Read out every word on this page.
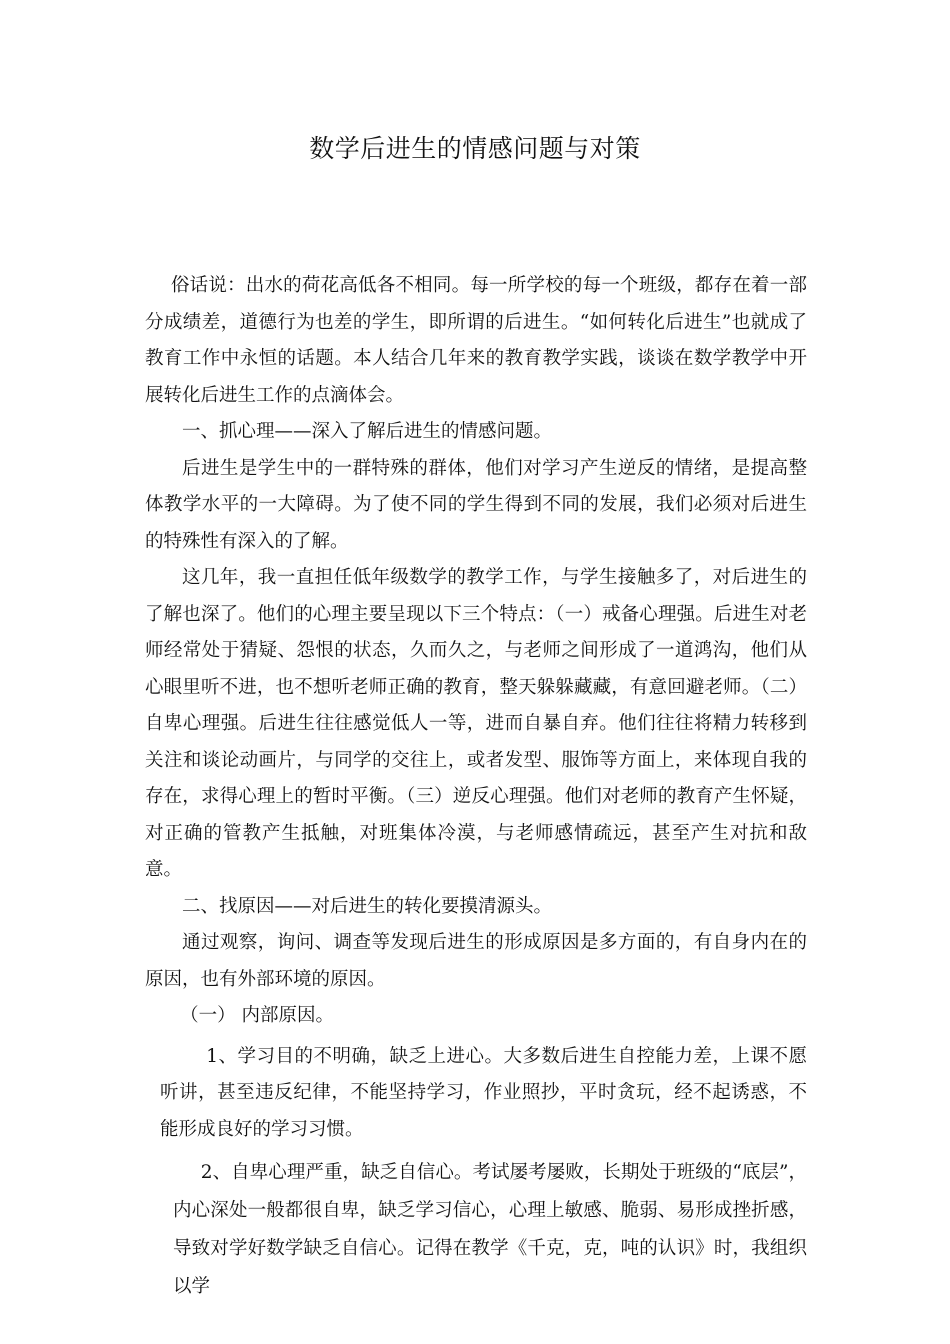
数学后进生的情感问题与对策

俗话说：出水的荷花高低各不相同。每一所学校的每一个班级，都存在着一部分成绩差，道德行为也差的学生，即所谓的后进生。“如何转化后进生”也就成了教育工作中永恒的话题。本人结合几年来的教育教学实践，谈谈在数学教学中开展转化后进生工作的点滴体会。

一、抓心理——深入了解后进生的情感问题。

后进生是学生中的一群特殊的群体，他们对学习产生逆反的情绪，是提高整体教学水平的一大障碍。为了使不同的学生得到不同的发展，我们必须对后进生的特殊性有深入的了解。

这几年，我一直担任低年级数学的教学工作，与学生接触多了，对后进生的了解也深了。他们的心理主要呈现以下三个特点：（一）戒备心理强。后进生对老师经常处于猜疑、怨恨的状态，久而久之，与老师之间形成了一道鸿沟，他们从心眼里听不进，也不想听老师正确的教育，整天躲躲藏藏，有意回避老师。（二）自卑心理强。后进生往往感觉低人一等，进而自暴自弃。他们往往将精力转移到关注和谈论动画片，与同学的交往上，或者发型、服饰等方面上，来体现自我的存在，求得心理上的暂时平衡。（三）逆反心理强。他们对老师的教育产生怀疑，对正确的管教产生抵触，对班集体冷漠，与老师感情疏远，甚至产生对抗和敌意。

二、找原因——对后进生的转化要摸清源头。

通过观察，询问、调查等发现后进生的形成原因是多方面的，有自身内在的原因，也有外部环境的原因。

（一） 内部原因。

1、学习目的不明确，缺乏上进心。大多数后进生自控能力差，上课不愿听讲，甚至违反纪律，不能坚持学习，作业照抄，平时贪玩，经不起诱惑，不能形成良好的学习习惯。

2、自卑心理严重，缺乏自信心。考试屡考屡败，长期处于班级的“底层”，内心深处一般都很自卑，缺乏学习信心，心理上敏感、脆弱、易形成挫折感，导致对学好数学缺乏自信心。记得在教学《千克，克，吨的认识》时，我组织以学
